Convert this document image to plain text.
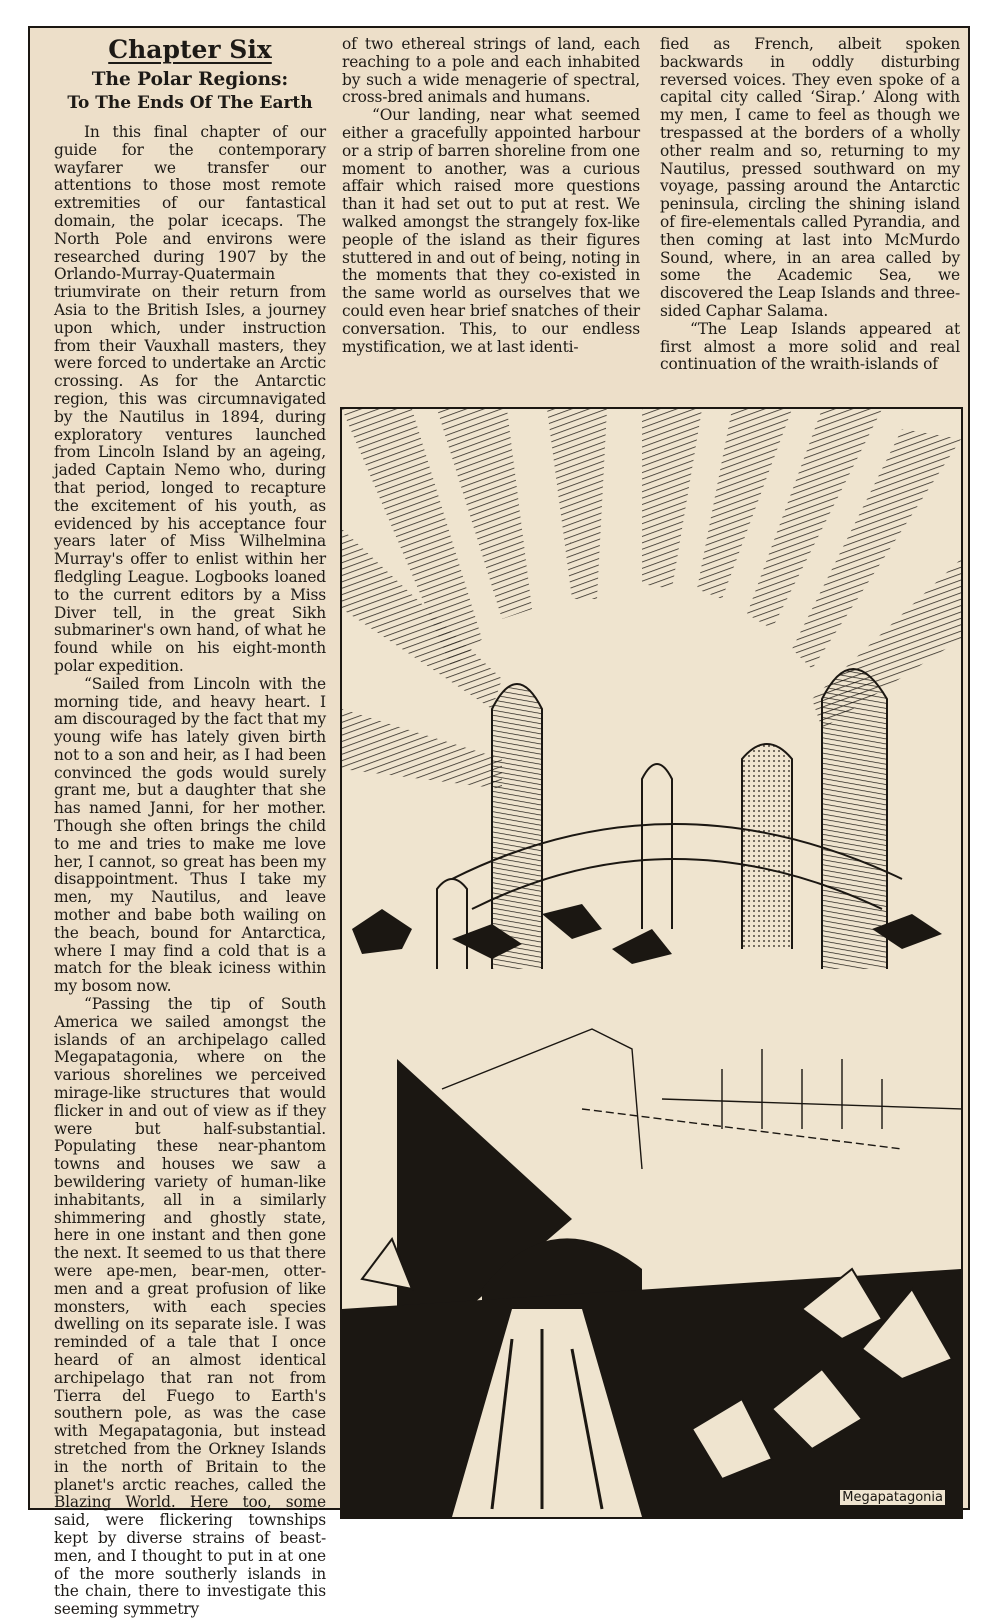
Chapter Six
The Polar Regions:
To The Ends Of The Earth

In this final chapter of our guide for the contemporary wayfarer we transfer our attentions to those most remote extremities of our fantastical domain, the polar icecaps. The North Pole and environs were researched during 1907 by the Orlando-Murray-Quatermain triumvirate on their return from Asia to the British Isles, a journey upon which, under instruction from their Vauxhall masters, they were forced to undertake an Arctic crossing. As for the Antarctic region, this was circumnavigated by the Nautilus in 1894, during exploratory ventures launched from Lincoln Island by an ageing, jaded Captain Nemo who, during that period, longed to recapture the excitement of his youth, as evidenced by his acceptance four years later of Miss Wilhelmina Murray's offer to enlist within her fledgling League. Logbooks loaned to the current editors by a Miss Diver tell, in the great Sikh submariner's own hand, of what he found while on his eight-month polar expedition.

“Sailed from Lincoln with the morning tide, and heavy heart. I am discouraged by the fact that my young wife has lately given birth not to a son and heir, as I had been convinced the gods would surely grant me, but a daughter that she has named Janni, for her mother. Though she often brings the child to me and tries to make me love her, I cannot, so great has been my disappointment. Thus I take my men, my Nautilus, and leave mother and babe both wailing on the beach, bound for Antarctica, where I may find a cold that is a match for the bleak iciness within my bosom now.

“Passing the tip of South America we sailed amongst the islands of an archipelago called Megapatagonia, where on the various shorelines we perceived mirage-like structures that would flicker in and out of view as if they were but half-substantial. Populating these near-phantom towns and houses we saw a bewildering variety of human-like inhabitants, all in a similarly shimmering and ghostly state, here in one instant and then gone the next. It seemed to us that there were ape-men, bear-men, otter-men and a great profusion of like monsters, with each species dwelling on its separate isle. I was reminded of a tale that I once heard of an almost identical archipelago that ran not from Tierra del Fuego to Earth's southern pole, as was the case with Megapatagonia, but instead stretched from the Orkney Islands in the north of Britain to the planet's arctic reaches, called the Blazing World. Here too, some said, were flickering townships kept by diverse strains of beast-men, and I thought to put in at one of the more southerly islands in the chain, there to investigate this seeming symmetry

of two ethereal strings of land, each reaching to a pole and each inhabited by such a wide menagerie of spectral, cross-bred animals and humans.

“Our landing, near what seemed either a gracefully appointed harbour or a strip of barren shoreline from one moment to another, was a curious affair which raised more questions than it had set out to put at rest. We walked amongst the strangely fox-like people of the island as their figures stuttered in and out of being, noting in the moments that they co-existed in the same world as ourselves that we could even hear brief snatches of their conversation. This, to our endless mystification, we at last identi-

fied as French, albeit spoken backwards in oddly disturbing reversed voices. They even spoke of a capital city called ‘Sirap.’ Along with my men, I came to feel as though we trespassed at the borders of a wholly other realm and so, returning to my Nautilus, pressed southward on my voyage, passing around the Antarctic peninsula, circling the shining island of fire-elementals called Pyrandia, and then coming at last into McMurdo Sound, where, in an area called by some the Academic Sea, we discovered the Leap Islands and three-sided Caphar Salama.

“The Leap Islands appeared at first almost a more solid and real continuation of the wraith-islands of

Megapatagonia
